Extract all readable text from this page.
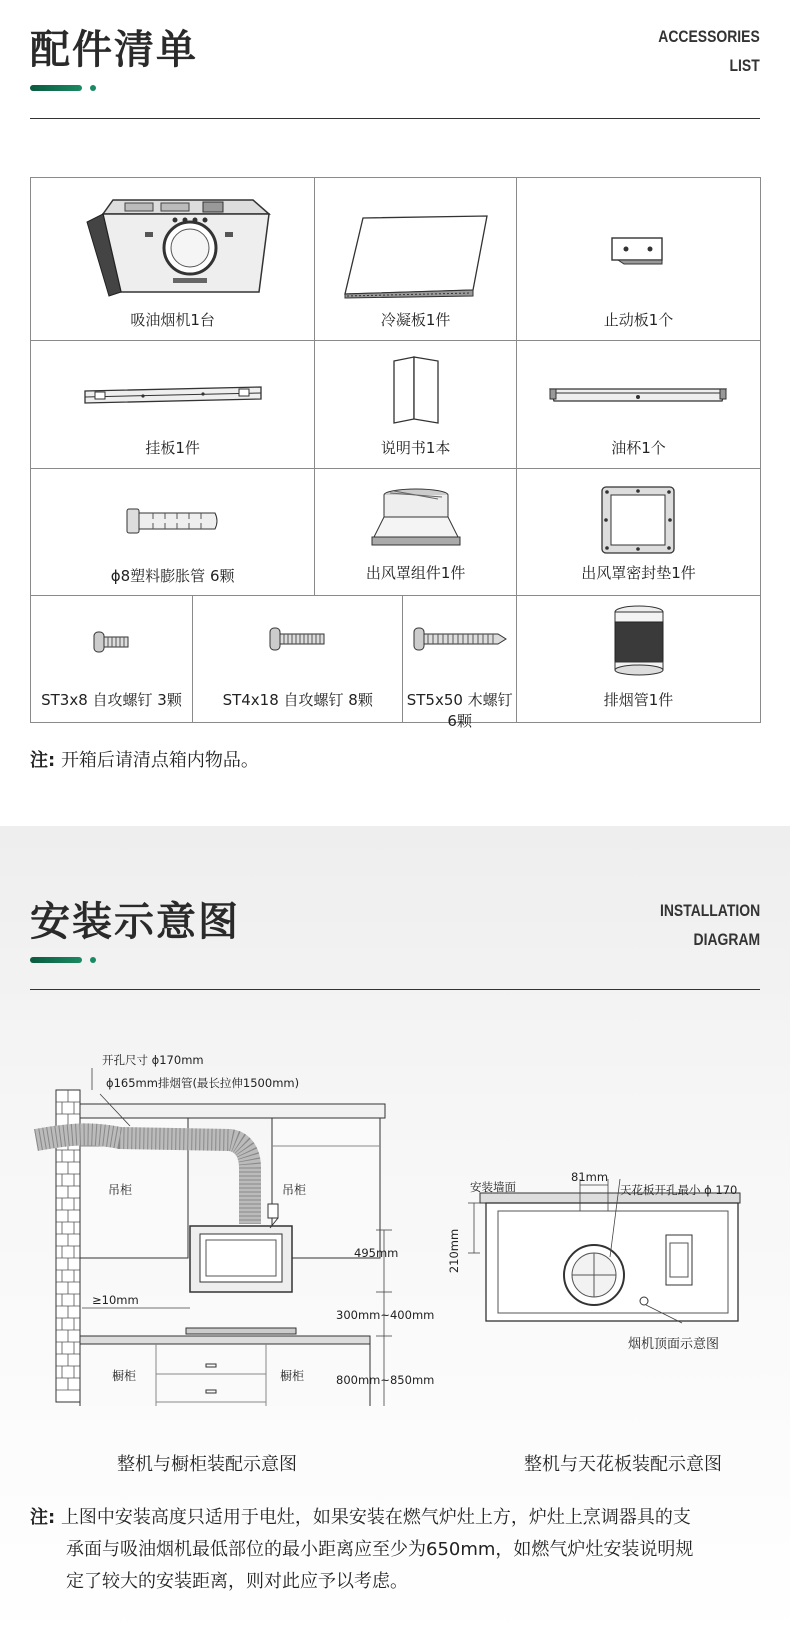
配件清单	ACCESSORIES
LIST
吸油烟机1台		冷凝板1件		止动板1个

挂板1件		说明书1本		油杯1个

ϕ8塑料膨胀管 6颗		出风罩组件1件		出风罩密封垫1件

ST3x8 自攻螺钉 3颗	ST4x18 自攻螺钉 8颗		ST5x50 木螺钉 6颗	排烟管1件
注: 开箱后请清点箱内物品。
安装示意图	INSTALLATION
DIAGRAM
开孔尺寸 ϕ170mm
ϕ165mm排烟管(最长拉伸1500mm)
吊柜	吊柜
橱柜	橱柜
495mm
300mm~400mm
800mm~850mm
≥10mm
安装墙面
81mm
天花板开孔最小 ϕ 170
210mm
烟机顶面示意图
整机与橱柜装配示意图	整机与天花板装配示意图
注: 上图中安装高度只适用于电灶，如果安装在燃气炉灶上方，炉灶上烹调器具的支
承面与吸油烟机最低部位的最小距离应至少为650mm，如燃气炉灶安装说明规
定了较大的安装距离，则对此应予以考虑。
